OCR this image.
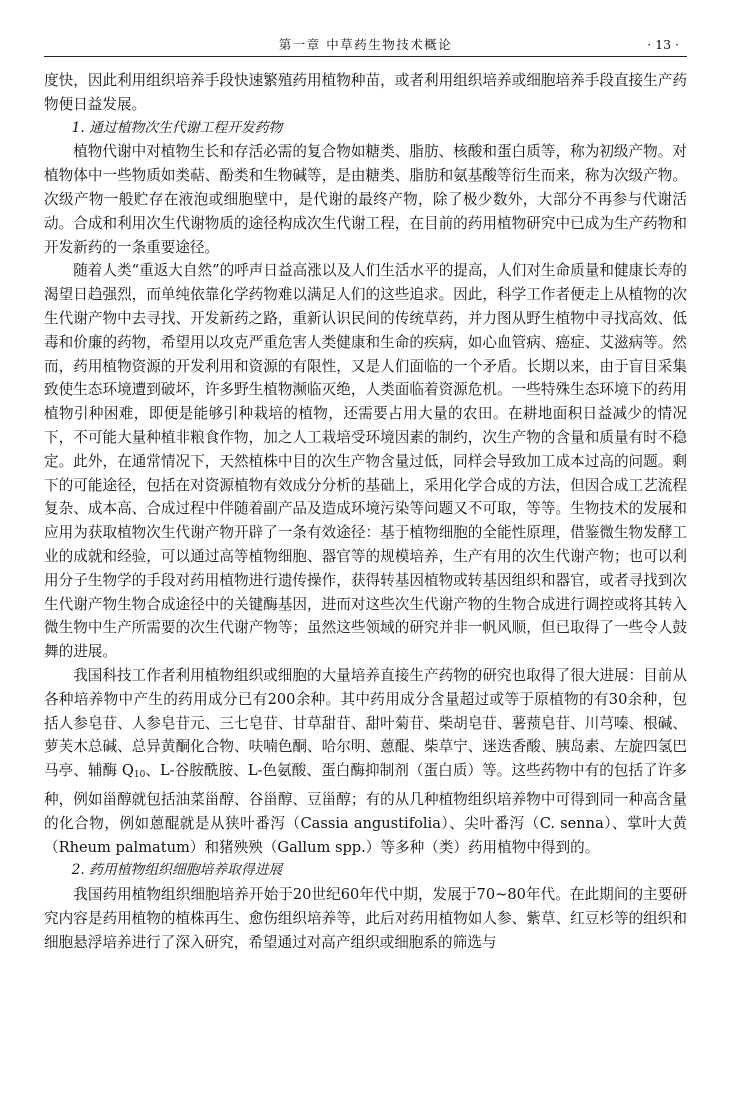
第一章 中草药生物技术概论	· 13 ·

度快，因此利用组织培养手段快速繁殖药用植物种苗，或者利用组织培养或细胞培养手段直接生产药物便日益发展。

1. 通过植物次生代谢工程开发药物

植物代谢中对植物生长和存活必需的复合物如糖类、脂肪、核酸和蛋白质等，称为初级产物。对植物体中一些物质如类萜、酚类和生物碱等，是由糖类、脂肪和氨基酸等衍生而来，称为次级产物。次级产物一般贮存在液泡或细胞壁中，是代谢的最终产物，除了极少数外，大部分不再参与代谢活动。合成和利用次生代谢物质的途径构成次生代谢工程，在目前的药用植物研究中已成为生产药物和开发新药的一条重要途径。

随着人类“重返大自然”的呼声日益高涨以及人们生活水平的提高，人们对生命质量和健康长寿的渴望日趋强烈，而单纯依靠化学药物难以满足人们的这些追求。因此，科学工作者便走上从植物的次生代谢产物中去寻找、开发新药之路，重新认识民间的传统草药，并力图从野生植物中寻找高效、低毒和价廉的药物，希望用以攻克严重危害人类健康和生命的疾病，如心血管病、癌症、艾滋病等。然而，药用植物资源的开发利用和资源的有限性，又是人们面临的一个矛盾。长期以来，由于盲目采集致使生态环境遭到破坏，许多野生植物濒临灭绝，人类面临着资源危机。一些特殊生态环境下的药用植物引种困难，即便是能够引种栽培的植物，还需要占用大量的农田。在耕地面积日益减少的情况下，不可能大量种植非粮食作物，加之人工栽培受环境因素的制约，次生产物的含量和质量有时不稳定。此外，在通常情况下，天然植株中目的次生产物含量过低，同样会导致加工成本过高的问题。剩下的可能途径，包括在对资源植物有效成分分析的基础上，采用化学合成的方法，但因合成工艺流程复杂、成本高、合成过程中伴随着副产品及造成环境污染等问题又不可取，等等。生物技术的发展和应用为获取植物次生代谢产物开辟了一条有效途径：基于植物细胞的全能性原理，借鉴微生物发酵工业的成就和经验，可以通过高等植物细胞、器官等的规模培养，生产有用的次生代谢产物；也可以利用分子生物学的手段对药用植物进行遗传操作，获得转基因植物或转基因组织和器官，或者寻找到次生代谢产物生物合成途径中的关键酶基因，进而对这些次生代谢产物的生物合成进行调控或将其转入微生物中生产所需要的次生代谢产物等；虽然这些领域的研究并非一帆风顺，但已取得了一些令人鼓舞的进展。

我国科技工作者利用植物组织或细胞的大量培养直接生产药物的研究也取得了很大进展：目前从各种培养物中产生的药用成分已有200余种。其中药用成分含量超过或等于原植物的有30余种，包括人参皂苷、人参皂苷元、三七皂苷、甘草甜苷、甜叶菊苷、柴胡皂苷、薯蓣皂苷、川芎嗪、根碱、萝芙木总碱、总异黄酮化合物、呋喃色酮、哈尔明、蒽醌、柴草宁、迷迭香酸、胰岛素、左旋四氢巴马亭、辅酶 $Q_{10}$、L-谷胺酰胺、L-色氨酸、蛋白酶抑制剂（蛋白质）等。这些药物中有的包括了许多种，例如甾醇就包括油菜甾醇、谷甾醇、豆甾醇；有的从几种植物组织培养物中可得到同一种高含量的化合物，例如蒽醌就是从狭叶番泻（Cassia angustifolia）、尖叶番泻（C. senna）、掌叶大黄（Rheum palmatum）和猪殃殃（Gallum spp.）等多种（类）药用植物中得到的。

2. 药用植物组织细胞培养取得进展

我国药用植物组织细胞培养开始于20世纪60年代中期，发展于70~80年代。在此期间的主要研究内容是药用植物的植株再生、愈伤组织培养等，此后对药用植物如人参、紫草、红豆杉等的组织和细胞悬浮培养进行了深入研究，希望通过对高产组织或细胞系的筛选与
